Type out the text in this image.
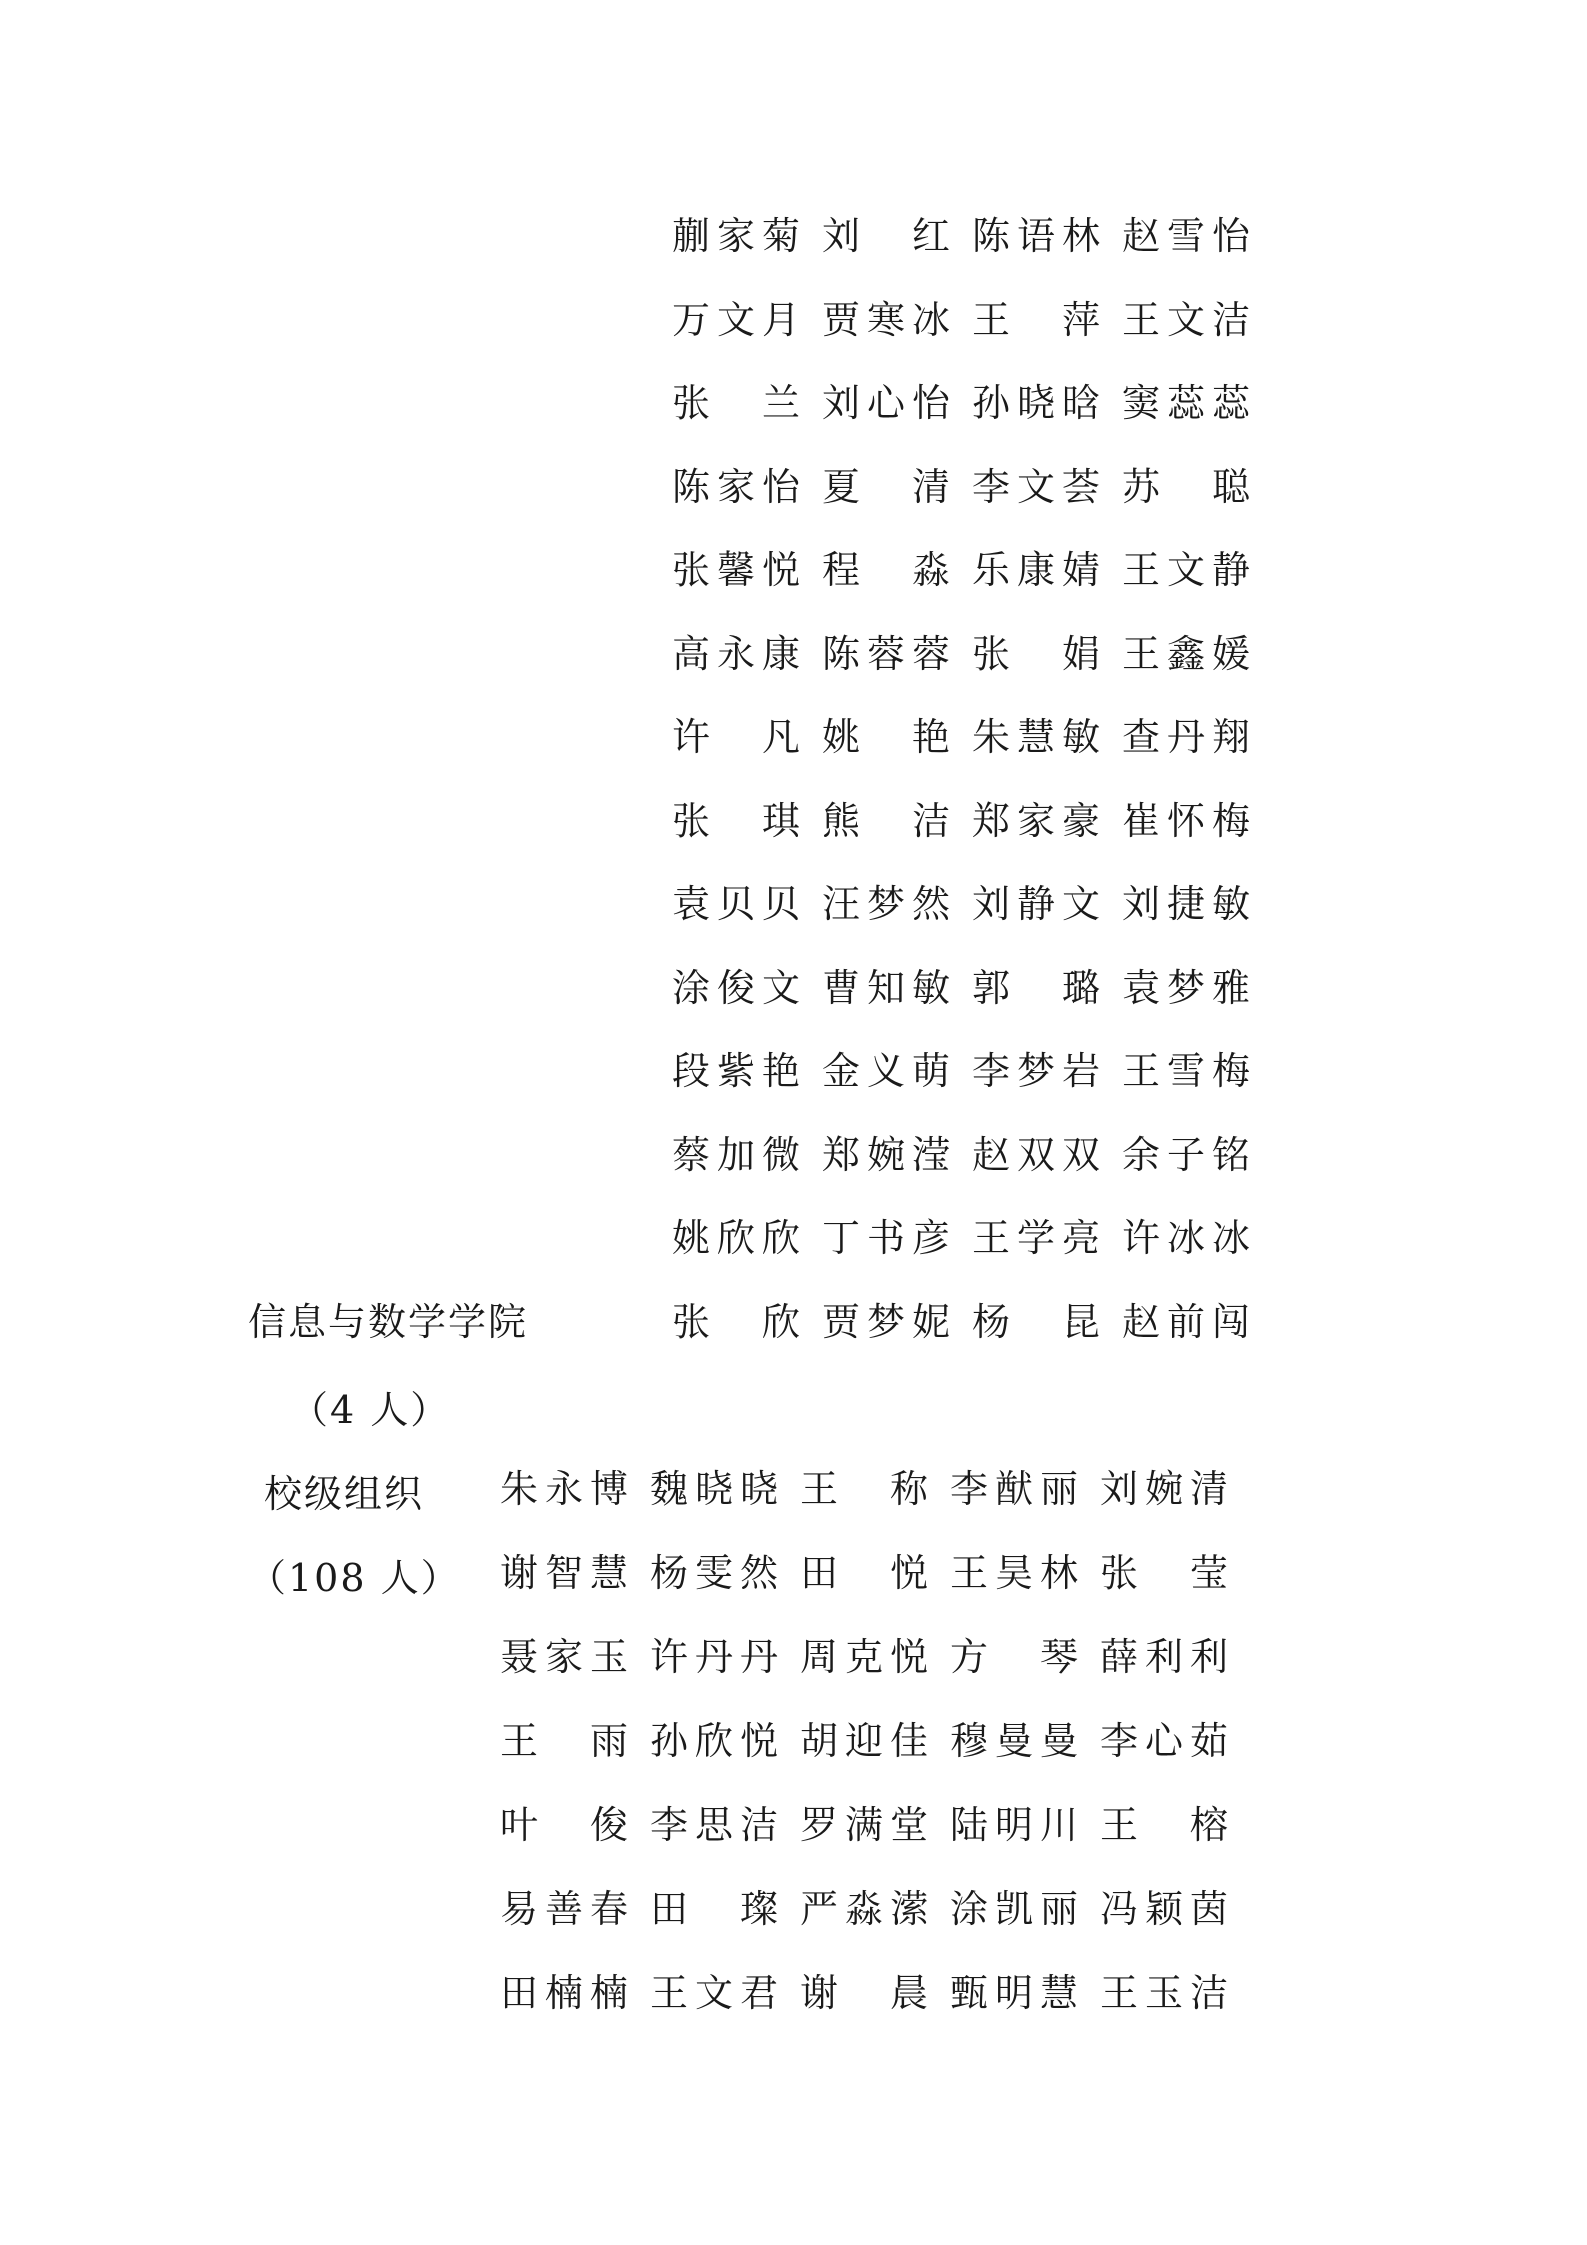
蒯 家 菊 刘 红 陈 语 林 赵 雪 怡
万 文 月 贾 寒 冰 王 萍 王 文 洁
张 兰 刘 心 怡 孙 晓 晗 窦 蕊 蕊
陈 家 怡 夏 清 李 文 荟 苏 聪
张 馨 悦 程 淼 乐 康 婧 王 文 静
高 永 康 陈 蓉 蓉 张 娟 王 鑫 媛
许 凡 姚 艳 朱 慧 敏 查 丹 翔
张 琪 熊 洁 郑 家 豪 崔 怀 梅
袁 贝 贝 汪 梦 然 刘 静 文 刘 捷 敏
涂 俊 文 曹 知 敏 郭 璐 袁 梦 雅
段 紫 艳 金 义 萌 李 梦 岩 王 雪 梅
蔡 加 微 郑 婉 滢 赵 双 双 余 子 铭
姚 欣 欣 丁 书 彦 王 学 亮 许 冰 冰
信息与数学学院
（4 人）
张 欣 贾 梦 妮 杨 昆 赵 前 闯
校级组织
（108 人）
朱 永 博 魏 晓 晓 王 称 李 猷 丽 刘 婉 清
谢 智 慧 杨 雯 然 田 悦 王 昊 林 张 莹
聂 家 玉 许 丹 丹 周 克 悦 方 琴 薛 利 利
王 雨 孙 欣 悦 胡 迎 佳 穆 曼 曼 李 心 茹
叶 俊 李 思 洁 罗 满 堂 陆 明 川 王 榕
易 善 春 田 璨 严 淼 潆 涂 凯 丽 冯 颖 茵
田 楠 楠 王 文 君 谢 晨 甄 明 慧 王 玉 洁
